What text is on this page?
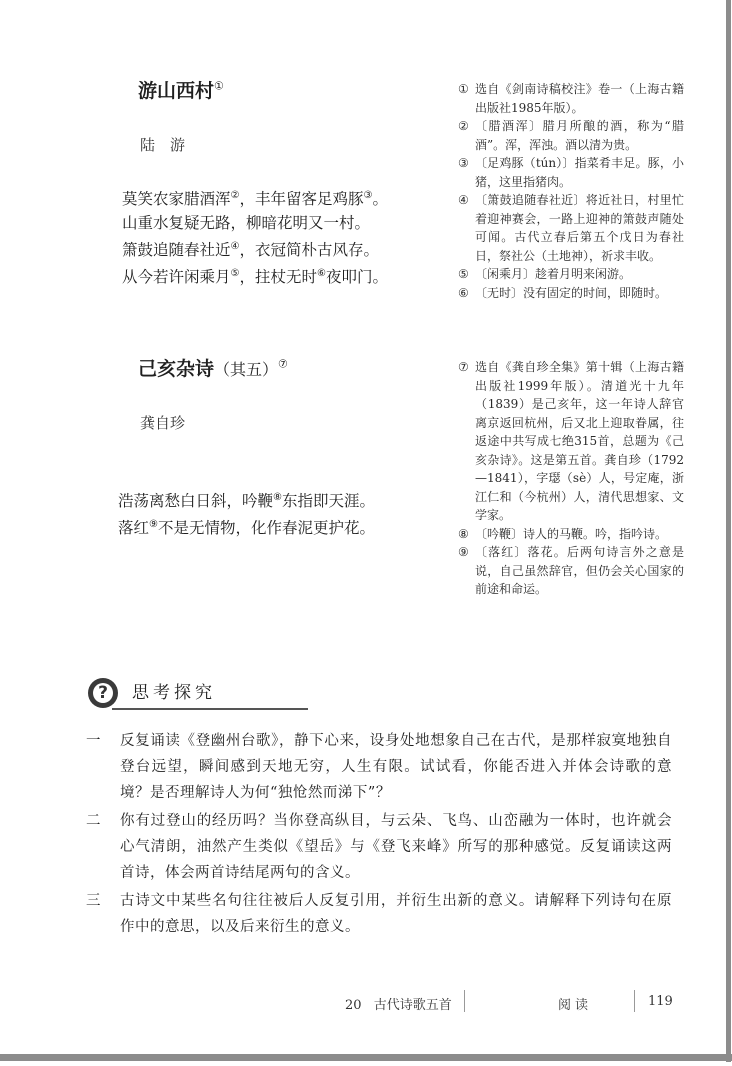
游山西村①
陆　游
莫笑农家腊酒浑②，丰年留客足鸡豚③。
山重水复疑无路，柳暗花明又一村。
箫鼓追随春社近④，衣冠简朴古风存。
从今若许闲乘月⑤，拄杖无时⑥夜叩门。
① 选自《剑南诗稿校注》卷一（上海古籍出版社1985年版）。
② 〔腊酒浑〕腊月所酿的酒，称为“腊酒”。浑，浑浊。酒以清为贵。
③ 〔足鸡豚（tún）〕指菜肴丰足。豚，小猪，这里指猪肉。
④ 〔箫鼓追随春社近〕将近社日，村里忙着迎神赛会，一路上迎神的箫鼓声随处可闻。古代立春后第五个戊日为春社日，祭社公（土地神），祈求丰收。
⑤ 〔闲乘月〕趁着月明来闲游。
⑥ 〔无时〕没有固定的时间，即随时。
己亥杂诗（其五）⑦
龚自珍
浩荡离愁白日斜，吟鞭⑧东指即天涯。
落红⑨不是无情物，化作春泥更护花。
⑦ 选自《龚自珍全集》第十辑（上海古籍出版社1999年版）。清道光十九年（1839）是己亥年，这一年诗人辞官离京返回杭州，后又北上迎取眷属，往返途中共写成七绝315首，总题为《己亥杂诗》。这是第五首。龚自珍（1792—1841），字璱（sè）人，号定庵，浙江仁和（今杭州）人，清代思想家、文学家。
⑧ 〔吟鞭〕诗人的马鞭。吟，指吟诗。
⑨ 〔落红〕落花。后两句诗言外之意是说，自己虽然辞官，但仍会关心国家的前途和命运。
?	思考探究
一	反复诵读《登幽州台歌》，静下心来，设身处地想象自己在古代，是那样寂寞地独自登台远望，瞬间感到天地无穷，人生有限。试试看，你能否进入并体会诗歌的意境？是否理解诗人为何“独怆然而涕下”？
二	你有过登山的经历吗？当你登高纵目，与云朵、飞鸟、山峦融为一体时，也许就会心气清朗，油然产生类似《望岳》与《登飞来峰》所写的那种感觉。反复诵读这两首诗，体会两首诗结尾两句的含义。
三	古诗文中某些名句往往被后人反复引用，并衍生出新的意义。请解释下列诗句在原作中的意思，以及后来衍生的意义。
20 古代诗歌五首	阅读	119
